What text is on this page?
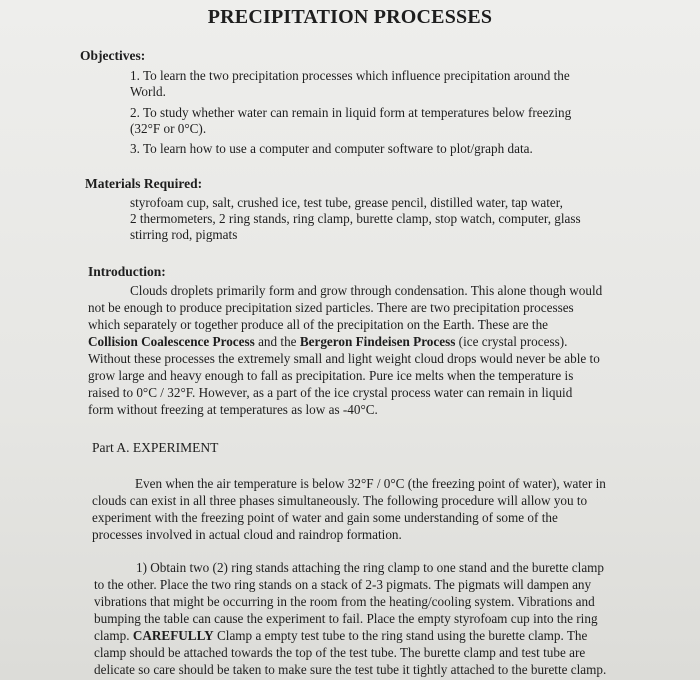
PRECIPITATION PROCESSES
Objectives:
1. To learn the two precipitation processes which influence precipitation around the
World.
2. To study whether water can remain in liquid form at temperatures below freezing
(32°F or 0°C).
3. To learn how to use a computer and computer software to plot/graph data.
Materials Required:
styrofoam cup, salt, crushed ice, test tube, grease pencil, distilled water, tap water,
2 thermometers, 2 ring stands, ring clamp, burette clamp, stop watch, computer, glass
stirring rod, pigmats
Introduction:
Clouds droplets primarily form and grow through condensation. This alone though would
not be enough to produce precipitation sized particles. There are two precipitation processes
which separately or together produce all of the precipitation on the Earth. These are the
Collision Coalescence Process and the Bergeron Findeisen Process (ice crystal process).
Without these processes the extremely small and light weight cloud drops would never be able to
grow large and heavy enough to fall as precipitation. Pure ice melts when the temperature is
raised to 0°C / 32°F. However, as a part of the ice crystal process water can remain in liquid
form without freezing at temperatures as low as -40°C.
Part A. EXPERIMENT
Even when the air temperature is below 32°F / 0°C (the freezing point of water), water in
clouds can exist in all three phases simultaneously. The following procedure will allow you to
experiment with the freezing point of water and gain some understanding of some of the
processes involved in actual cloud and raindrop formation.
1) Obtain two (2) ring stands attaching the ring clamp to one stand and the burette clamp
to the other. Place the two ring stands on a stack of 2-3 pigmats. The pigmats will dampen any
vibrations that might be occurring in the room from the heating/cooling system. Vibrations and
bumping the table can cause the experiment to fail. Place the empty styrofoam cup into the ring
clamp. CAREFULLY Clamp a empty test tube to the ring stand using the burette clamp. The
clamp should be attached towards the top of the test tube. The burette clamp and test tube are
delicate so care should be taken to make sure the test tube it tightly attached to the burette clamp.
